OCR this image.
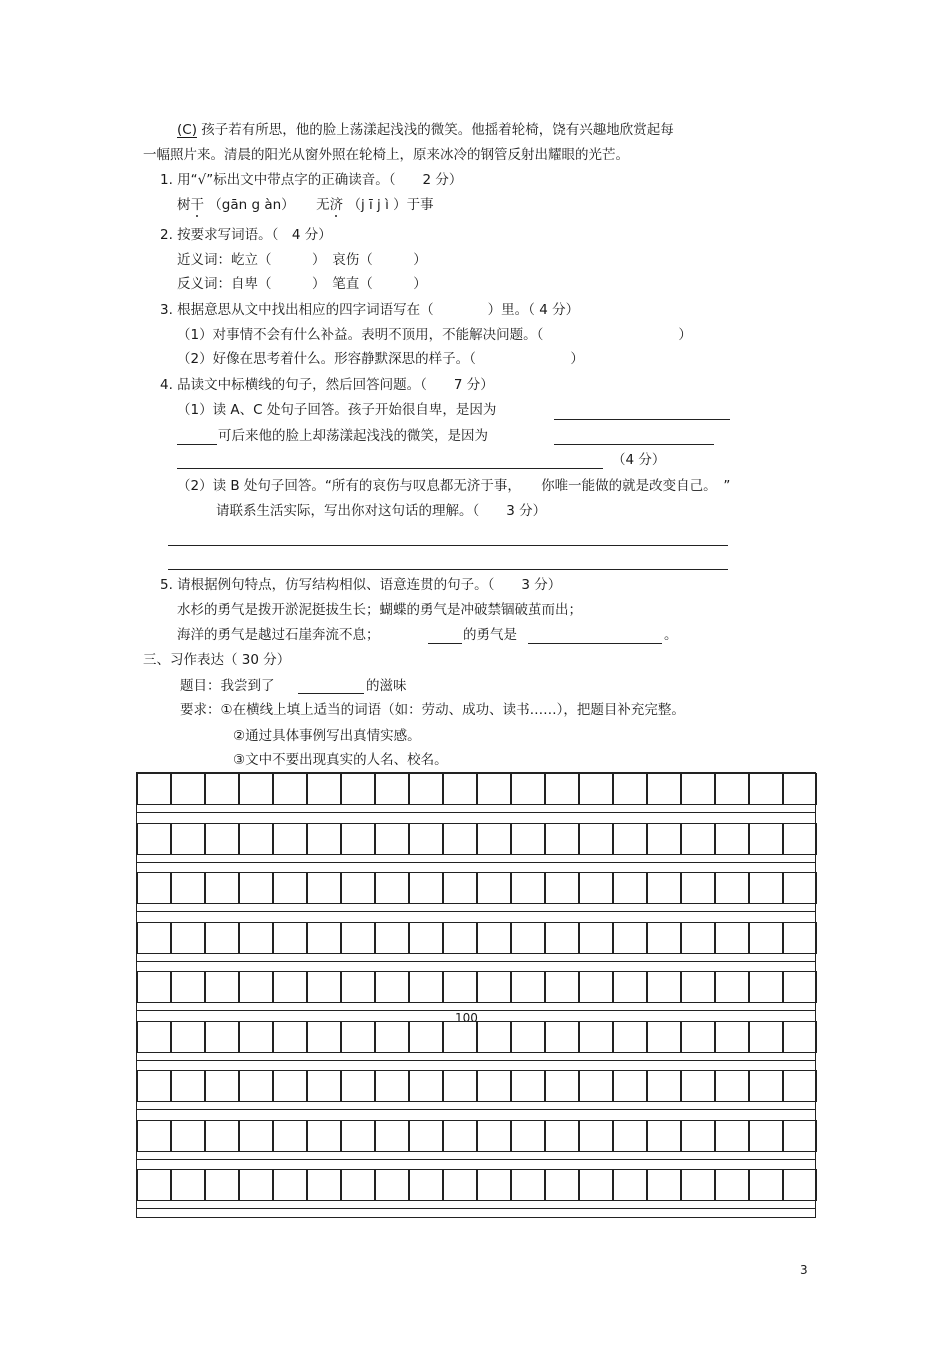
(C) 孩子若有所思，他的脸上荡漾起浅浅的微笑。他摇着轮椅，饶有兴趣地欣赏起每
一幅照片来。清晨的阳光从窗外照在轮椅上，原来冰冷的钢管反射出耀眼的光芒。
1. 用“√”标出文中带点字的正确读音。（　　2 分）
树干 （gān g àn） 无济 （j ī j ì ）于事
2. 按要求写词语。（　4 分）
近义词：屹立（　　　）　哀伤（　　　）
反义词：自卑（　　　）　笔直（　　　）
3. 根据意思从文中找出相应的四字词语写在（　　　　）里。（ 4 分）
（1）对事情不会有什么补益。表明不顶用，不能解决问题。（　　　　　　　　　　）
（2）好像在思考着什么。形容静默深思的样子。（　　　　　　　）
4. 品读文中标横线的句子，然后回答问题。（　　7 分）
（1）读 A、C 处句子回答。孩子开始很自卑，是因为
可后来他的脸上却荡漾起浅浅的微笑，是因为
（4 分）
（2）读 B 处句子回答。“所有的哀伤与叹息都无济于事，　　你唯一能做的就是改变自己。　”
请联系生活实际，写出你对这句话的理解。（　　3 分）
5. 请根据例句特点，仿写结构相似、语意连贯的句子。（　　3 分）
水杉的勇气是拨开淤泥挺拔生长；蝴蝶的勇气是冲破禁锢破茧而出；
海洋的勇气是越过石崖奔流不息；	的勇气是	。
三、习作表达（ 30 分）
题目：我尝到了	的滋味
要求：①在横线上填上适当的词语（如：劳动、成功、读书……），把题目补充完整。
②通过具体事例写出真情实感。
③文中不要出现真实的人名、校名。
100
3
